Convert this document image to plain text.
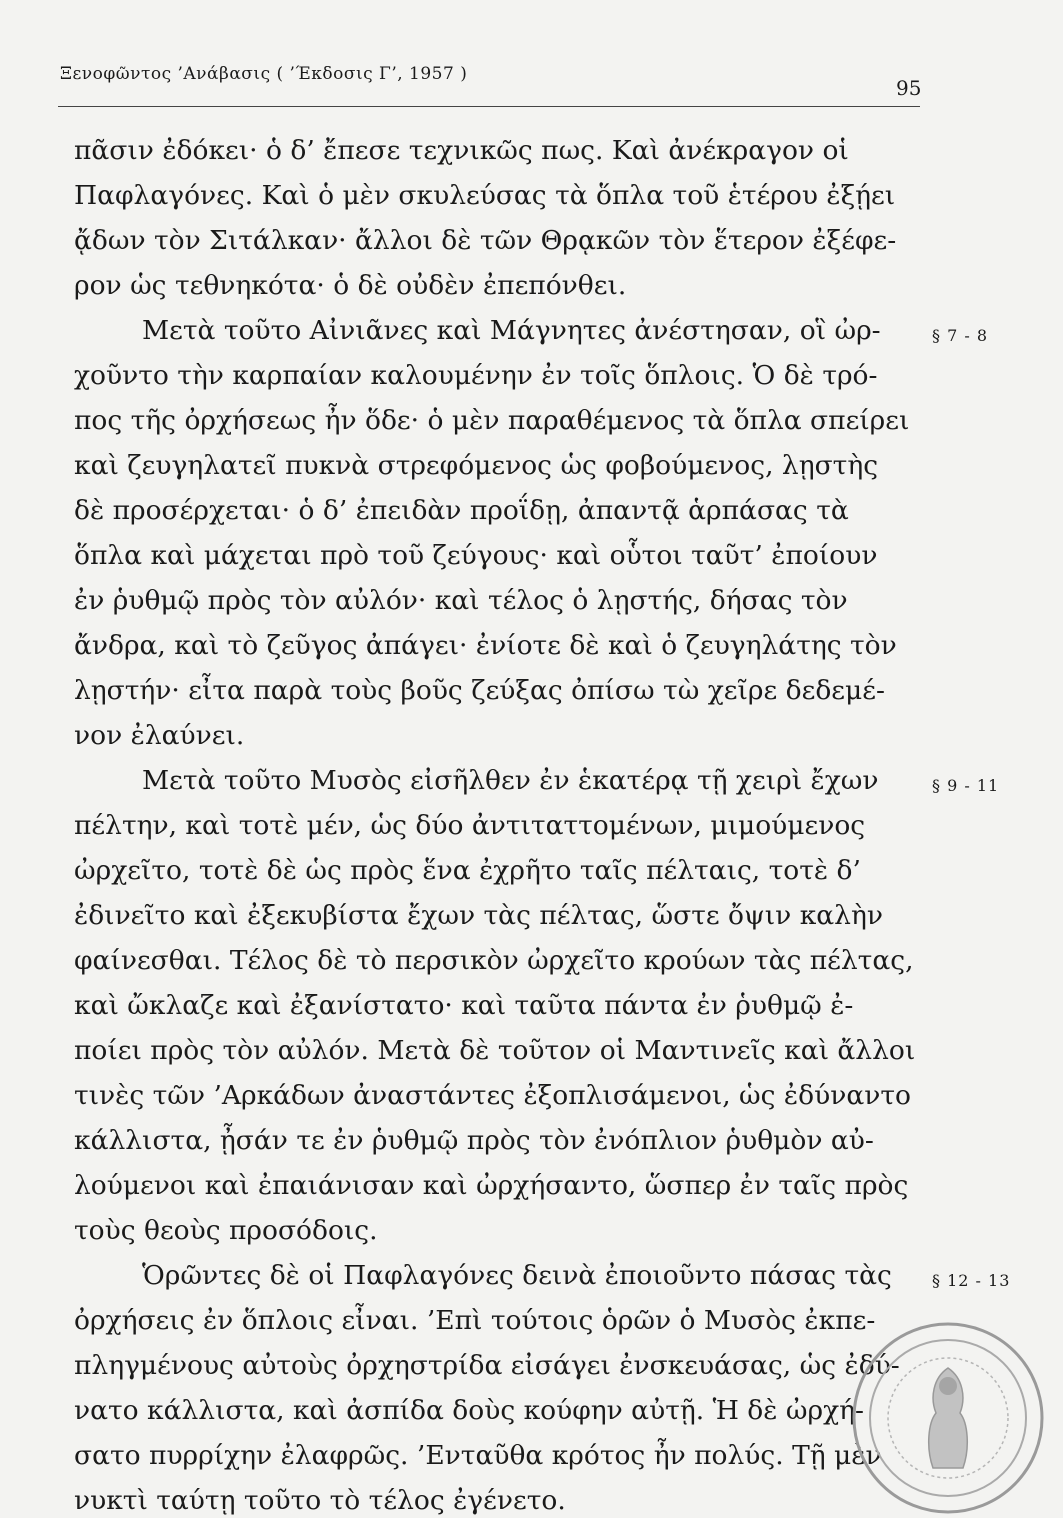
Ξενοφῶντος ’Ανάβασις ( ’Έκδοσις Γ’, 1957 )
95
πᾶσιν ἐδόκει· ὁ δ’ ἔπεσε τεχνικῶς πως. Καὶ ἀνέκραγον οἱ
Παφλαγόνες. Καὶ ὁ μὲν σκυλεύσας τὰ ὅπλα τοῦ ἑτέρου ἐξῄει
ᾄδων τὸν Σιτάλκαν· ἄλλοι δὲ τῶν Θρᾳκῶν τὸν ἕτερον ἐξέφε-
ρον ὡς τεθνηκότα· ὁ δὲ οὐδὲν ἐπεπόνθει.
Μετὰ τοῦτο Αἰνιᾶνες καὶ Μάγνητες ἀνέστησαν, οἳ ὠρ-
χοῦντο τὴν καρπαίαν καλουμένην ἐν τοῖς ὅπλοις. Ὁ δὲ τρό-
πος τῆς ὀρχήσεως ἦν ὅδε· ὁ μὲν παραθέμενος τὰ ὅπλα σπείρει
καὶ ζευγηλατεῖ πυκνὰ στρεφόμενος ὡς φοβούμενος, λῃστὴς
δὲ προσέρχεται· ὁ δ’ ἐπειδὰν προΐδῃ, ἀπαντᾷ ἁρπάσας τὰ
ὅπλα καὶ μάχεται πρὸ τοῦ ζεύγους· καὶ οὗτοι ταῦτ’ ἐποίουν
ἐν ῥυθμῷ πρὸς τὸν αὐλόν· καὶ τέλος ὁ λῃστής, δήσας τὸν
ἄνδρα, καὶ τὸ ζεῦγος ἀπάγει· ἐνίοτε δὲ καὶ ὁ ζευγηλάτης τὸν
λῃστήν· εἶτα παρὰ τοὺς βοῦς ζεύξας ὀπίσω τὼ χεῖρε δεδεμέ-
νον ἐλαύνει.
Μετὰ τοῦτο Μυσὸς εἰσῆλθεν ἐν ἑκατέρᾳ τῇ χειρὶ ἔχων
πέλτην, καὶ τοτὲ μέν, ὡς δύο ἀντιταττομένων, μιμούμενος
ὠρχεῖτο, τοτὲ δὲ ὡς πρὸς ἕνα ἐχρῆτο ταῖς πέλταις, τοτὲ δ’
ἐδινεῖτο καὶ ἐξεκυβίστα ἔχων τὰς πέλτας, ὥστε ὄψιν καλὴν
φαίνεσθαι. Τέλος δὲ τὸ περσικὸν ὠρχεῖτο κρούων τὰς πέλτας,
καὶ ὤκλαζε καὶ ἐξανίστατο· καὶ ταῦτα πάντα ἐν ῥυθμῷ ἐ-
ποίει πρὸς τὸν αὐλόν. Μετὰ δὲ τοῦτον οἱ Μαντινεῖς καὶ ἄλλοι
τινὲς τῶν ’Αρκάδων ἀναστάντες ἐξοπλισάμενοι, ὡς ἐδύναντο
κάλλιστα, ᾖσάν τε ἐν ῥυθμῷ πρὸς τὸν ἐνόπλιον ῥυθμὸν αὐ-
λούμενοι καὶ ἐπαιάνισαν καὶ ὠρχήσαντο, ὥσπερ ἐν ταῖς πρὸς
τοὺς θεοὺς προσόδοις.
Ὁρῶντες δὲ οἱ Παφλαγόνες δεινὰ ἐποιοῦντο πάσας τὰς
ὀρχήσεις ἐν ὅπλοις εἶναι. ’Επὶ τούτοις ὁρῶν ὁ Μυσὸς ἐκπε-
πληγμένους αὐτοὺς ὀρχηστρίδα εἰσάγει ἐνσκευάσας, ὡς ἐδύ-
νατο κάλλιστα, καὶ ἀσπίδα δοὺς κούφην αὐτῇ. Ἡ δὲ ὠρχή-
σατο πυρρίχην ἐλαφρῶς. ’Ενταῦθα κρότος ἦν πολύς. Τῇ μὲν
νυκτὶ ταύτῃ τοῦτο τὸ τέλος ἐγένετο.
§ 7 - 8
§ 9 - 11
§ 12 - 13
